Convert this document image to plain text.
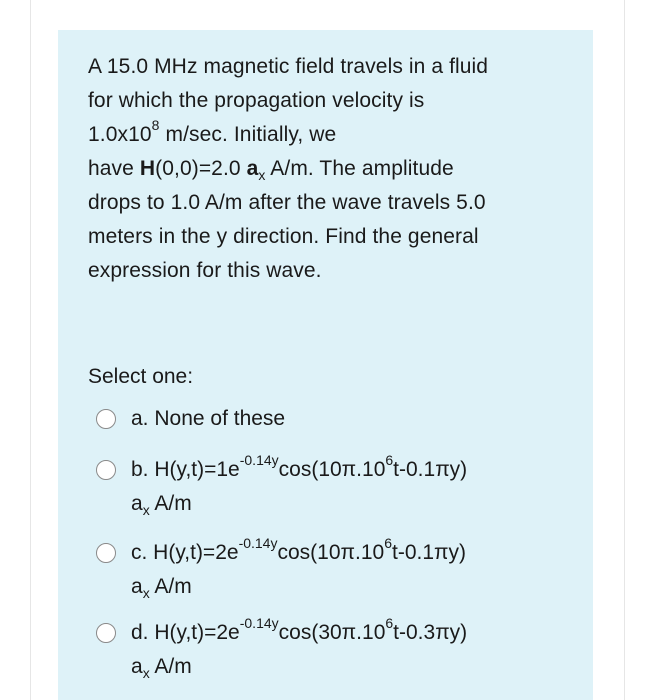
A 15.0 MHz magnetic field travels in a fluid
for which the propagation velocity is
$1.0x10^8$ m/sec. Initially, we
have H(0,0)=2.0 $a_x$ A/m. The amplitude
drops to 1.0 A/m after the wave travels 5.0
meters in the y direction. Find the general
expression for this wave.
Select one:
a. None of these
b. $H(y,t)=1e^{-0.14y}\cos(10\pi.10^6t-0.1\pi y)$
$a_x$ A/m
c. $H(y,t)=2e^{-0.14y}\cos(10\pi.10^6t-0.1\pi y)$
$a_x$ A/m
d. $H(y,t)=2e^{-0.14y}\cos(30\pi.10^6t-0.3\pi y)$
$a_x$ A/m
